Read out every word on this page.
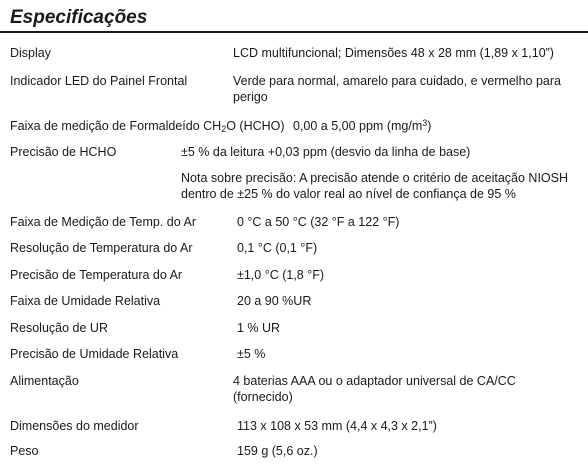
Especificações
Display	LCD multifuncional; Dimensões 48 x 28 mm (1,89 x 1,10”)
Indicador LED do Painel Frontal	Verde para normal, amarelo para cuidado, e vermelho para perigo
Faixa de medição de Formaldeído $CH_2O$ (HCHO) 0,00 a 5,00 ppm $(mg/m^3)$
Precisão de HCHO	±5 % da leitura +0,03 ppm (desvio da linha de base)
Nota sobre precisão: A precisão atende o critério de aceitação NIOSH dentro de ±25 % do valor real ao nível de confiança de 95 %
Faixa de Medição de Temp. do Ar	0 °C a 50 °C (32 °F a 122 °F)
Resolução de Temperatura do Ar	0,1 °C (0,1 °F)
Precisão de Temperatura do Ar	±1,0 °C (1,8 °F)
Faixa de Umidade Relativa	20 a 90 %UR
Resolução de UR	1 % UR
Precisão de Umidade Relativa	±5 %
Alimentação	4 baterias AAA ou o adaptador universal de CA/CC (fornecido)
Dimensões do medidor	113 x 108 x 53 mm (4,4 x 4,3 x 2,1”)
Peso	159 g (5,6 oz.)
